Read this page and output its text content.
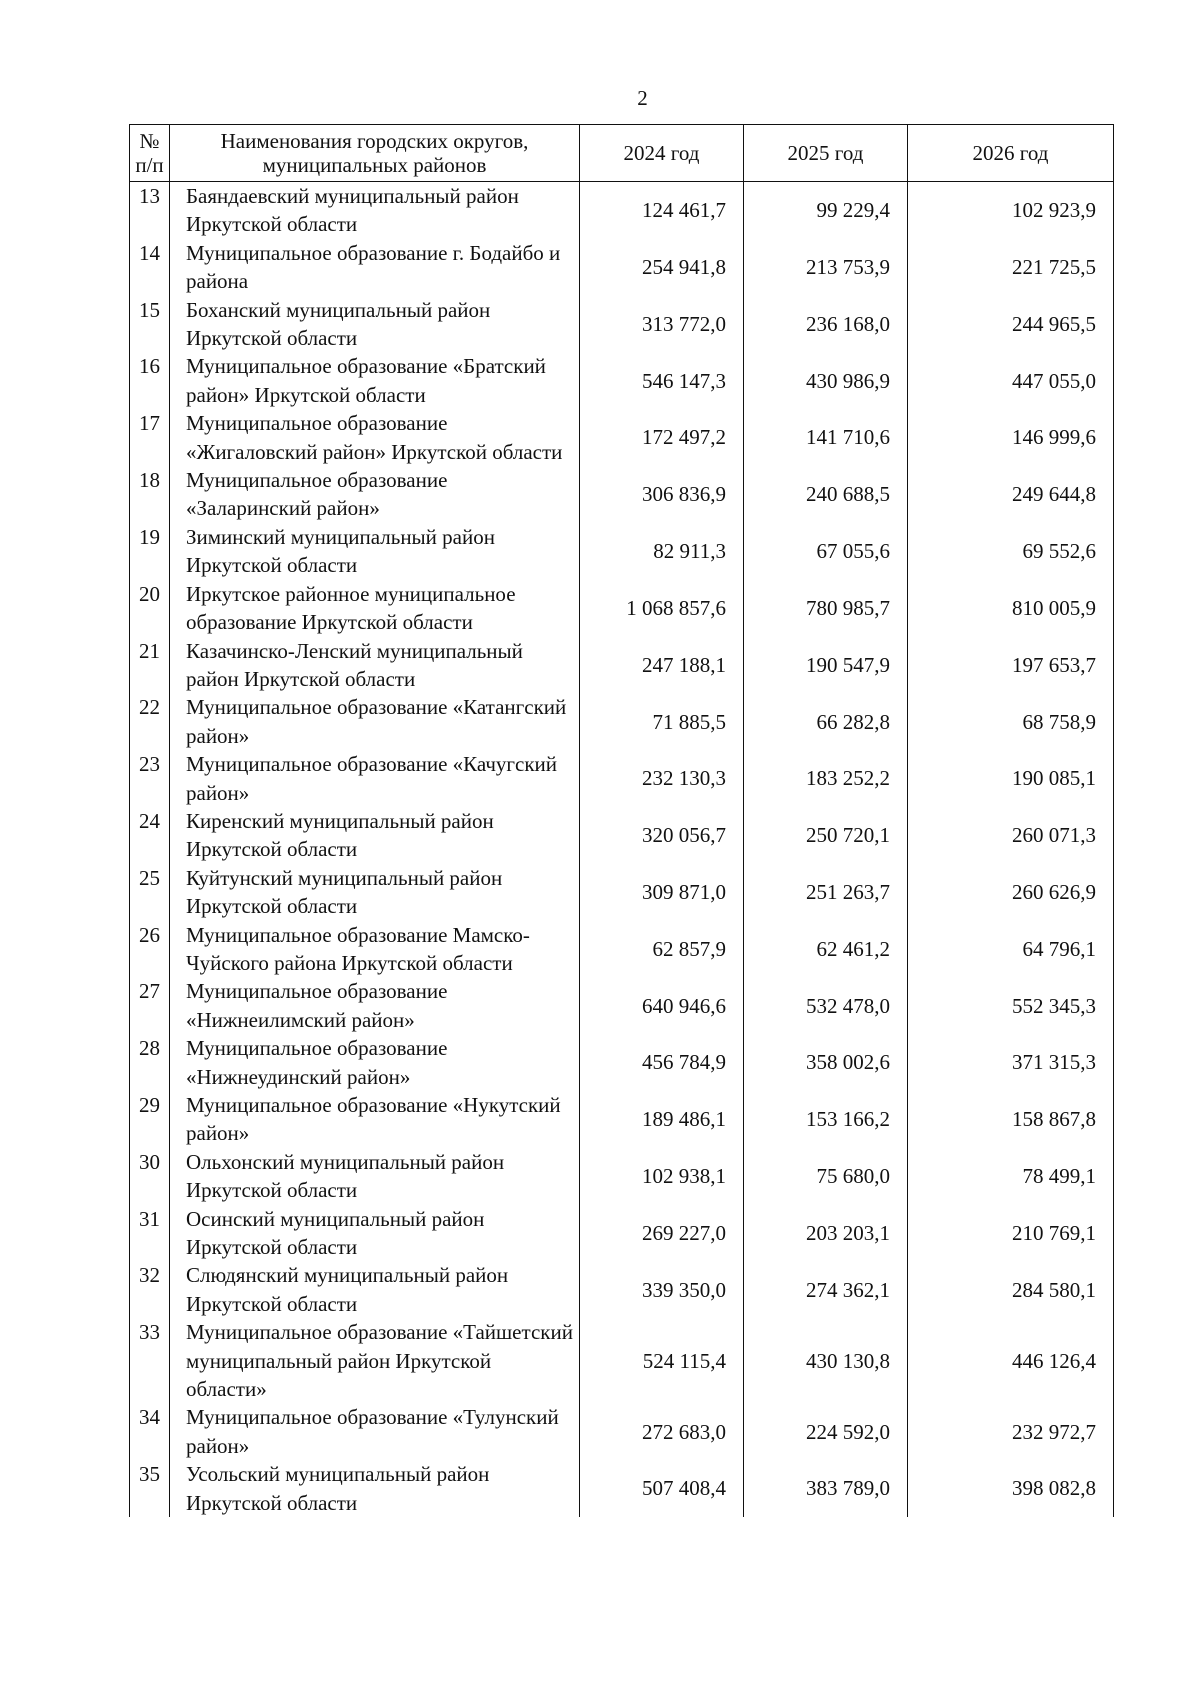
2
№ п/п	Наименования городских округов, муниципальных районов	2024 год	2025 год	2026 год
13	Баяндаевский муниципальный район Иркутской области	124 461,7	99 229,4	102 923,9
14	Муниципальное образование г. Бодайбо и района	254 941,8	213 753,9	221 725,5
15	Боханский муниципальный район Иркутской области	313 772,0	236 168,0	244 965,5
16	Муниципальное образование «Братский район» Иркутской области	546 147,3	430 986,9	447 055,0
17	Муниципальное образование «Жигаловский район» Иркутской области	172 497,2	141 710,6	146 999,6
18	Муниципальное образование «Заларинский район»	306 836,9	240 688,5	249 644,8
19	Зиминский муниципальный район Иркутской области	82 911,3	67 055,6	69 552,6
20	Иркутское районное муниципальное образование Иркутской области	1 068 857,6	780 985,7	810 005,9
21	Казачинско-Ленский муниципальный район Иркутской области	247 188,1	190 547,9	197 653,7
22	Муниципальное образование «Катангский район»	71 885,5	66 282,8	68 758,9
23	Муниципальное образование «Качугский район»	232 130,3	183 252,2	190 085,1
24	Киренский муниципальный район Иркутской области	320 056,7	250 720,1	260 071,3
25	Куйтунский муниципальный район Иркутской области	309 871,0	251 263,7	260 626,9
26	Муниципальное образование Мамско-Чуйского района Иркутской области	62 857,9	62 461,2	64 796,1
27	Муниципальное образование «Нижнеилимский район»	640 946,6	532 478,0	552 345,3
28	Муниципальное образование «Нижнеудинский район»	456 784,9	358 002,6	371 315,3
29	Муниципальное образование «Нукутский район»	189 486,1	153 166,2	158 867,8
30	Ольхонский муниципальный район Иркутской области	102 938,1	75 680,0	78 499,1
31	Осинский муниципальный район Иркутской области	269 227,0	203 203,1	210 769,1
32	Слюдянский муниципальный район Иркутской области	339 350,0	274 362,1	284 580,1
33	Муниципальное образование «Тайшетский муниципальный район Иркутской области»	524 115,4	430 130,8	446 126,4
34	Муниципальное образование «Тулунский район»	272 683,0	224 592,0	232 972,7
35	Усольский муниципальный район Иркутской области	507 408,4	383 789,0	398 082,8
